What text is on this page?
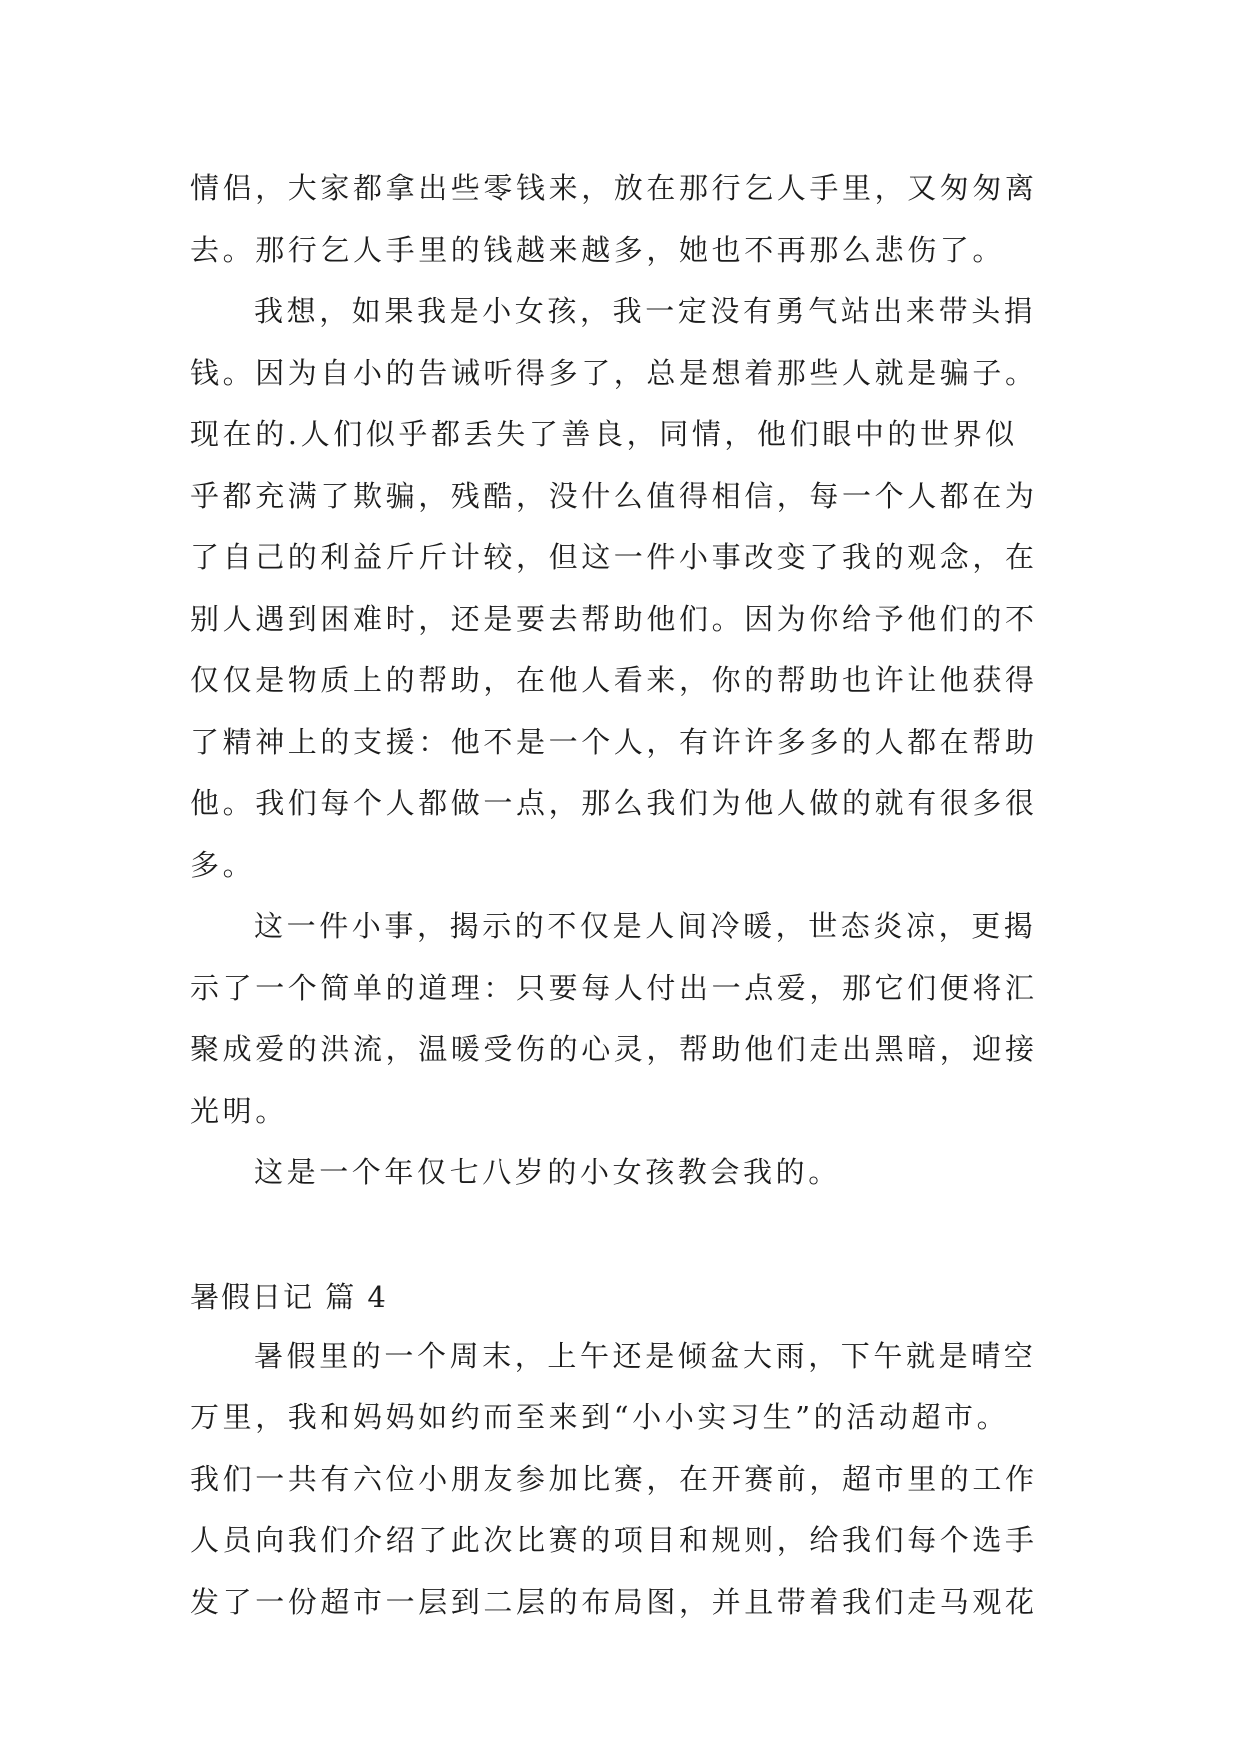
情侣，大家都拿出些零钱来，放在那行乞人手里，又匆匆离
去。那行乞人手里的钱越来越多，她也不再那么悲伤了。
我想，如果我是小女孩，我一定没有勇气站出来带头捐
钱。因为自小的告诫听得多了，总是想着那些人就是骗子。
现在的.人们似乎都丢失了善良，同情，他们眼中的世界似
乎都充满了欺骗，残酷，没什么值得相信，每一个人都在为
了自己的利益斤斤计较，但这一件小事改变了我的观念，在
别人遇到困难时，还是要去帮助他们。因为你给予他们的不
仅仅是物质上的帮助，在他人看来，你的帮助也许让他获得
了精神上的支援：他不是一个人，有许许多多的人都在帮助
他。我们每个人都做一点，那么我们为他人做的就有很多很
多。
这一件小事，揭示的不仅是人间冷暖，世态炎凉，更揭
示了一个简单的道理：只要每人付出一点爱，那它们便将汇
聚成爱的洪流，温暖受伤的心灵，帮助他们走出黑暗，迎接
光明。
这是一个年仅七八岁的小女孩教会我的。
暑假日记 篇 4
暑假里的一个周末，上午还是倾盆大雨，下午就是晴空
万里，我和妈妈如约而至来到“小小实习生”的活动超市。
我们一共有六位小朋友参加比赛，在开赛前，超市里的工作
人员向我们介绍了此次比赛的项目和规则，给我们每个选手
发了一份超市一层到二层的布局图，并且带着我们走马观花
